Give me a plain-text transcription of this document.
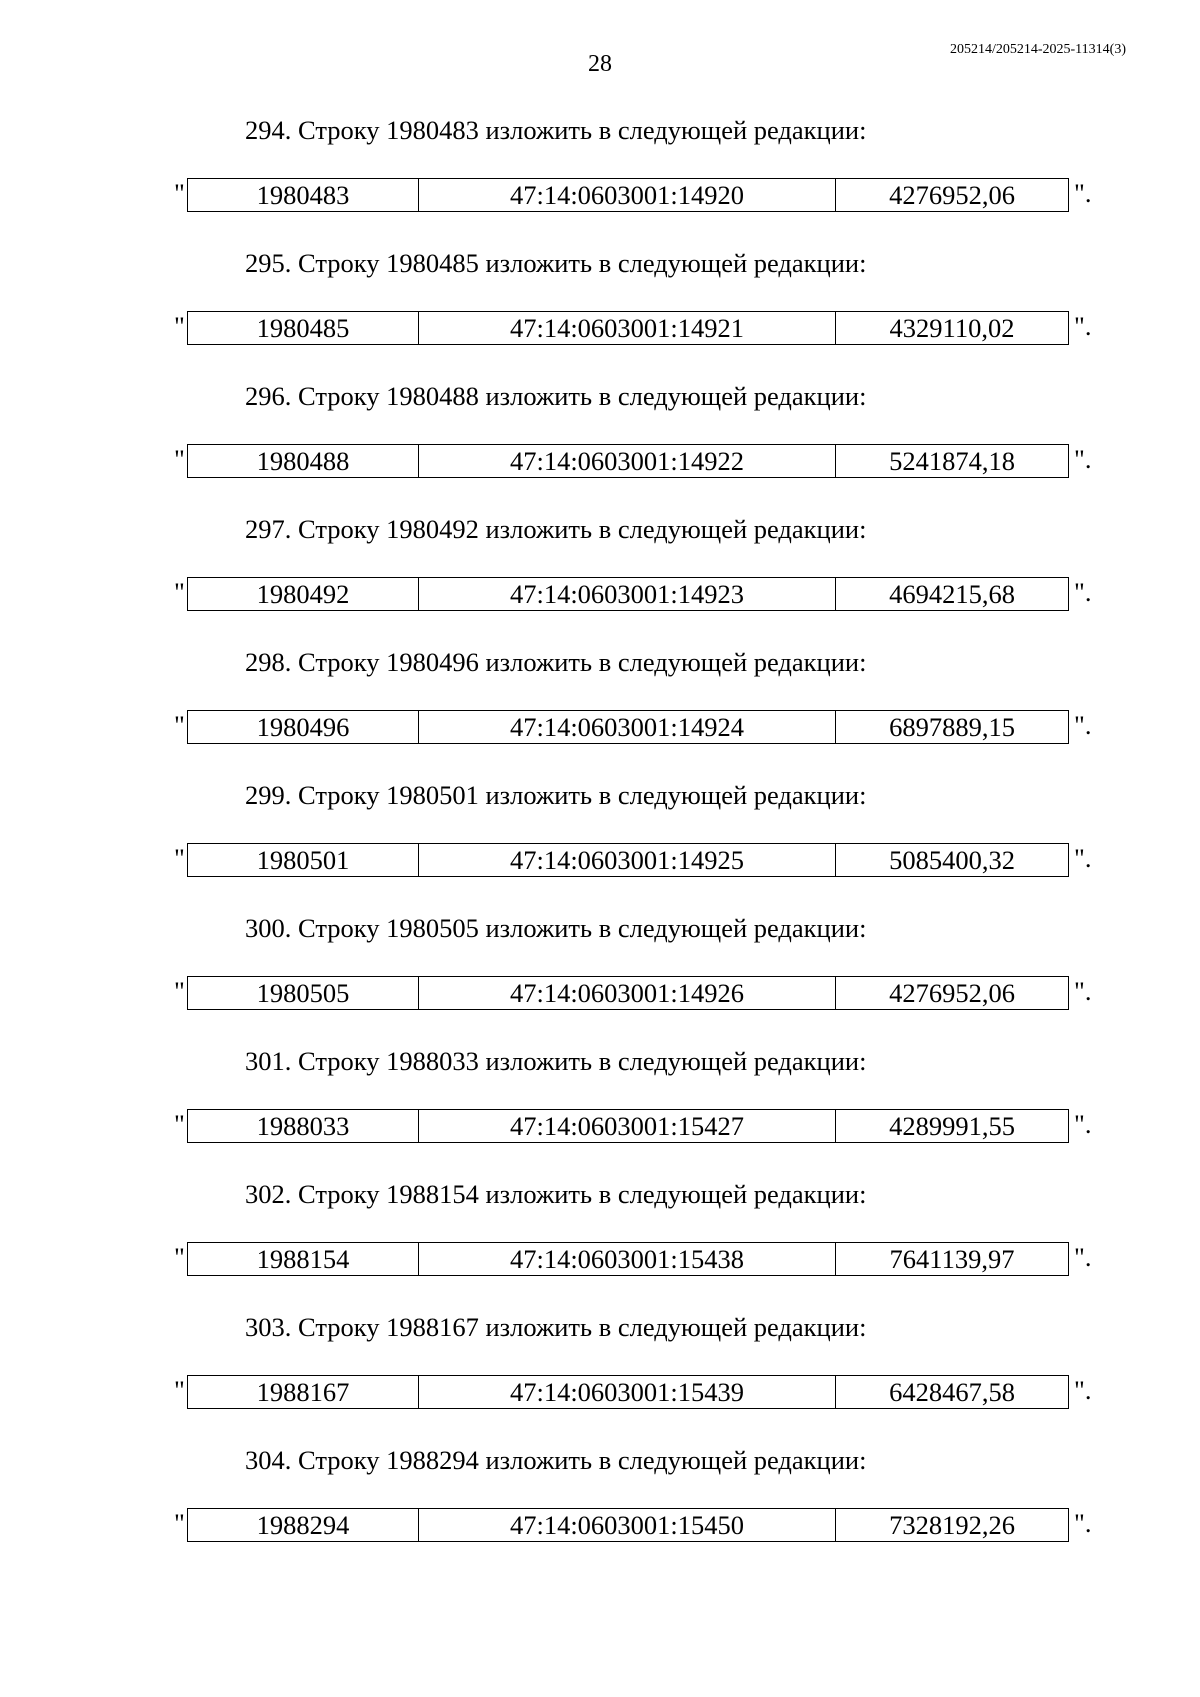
28
205214/205214-2025-11314(3)
294. Строку 1980483 изложить в следующей редакции:
"	1980483	47:14:0603001:14920	4276952,06 ".
295. Строку 1980485 изложить в следующей редакции:
"	1980485	47:14:0603001:14921	4329110,02 ".
296. Строку 1980488 изложить в следующей редакции:
"	1980488	47:14:0603001:14922	5241874,18 ".
297. Строку 1980492 изложить в следующей редакции:
"	1980492	47:14:0603001:14923	4694215,68 ".
298. Строку 1980496 изложить в следующей редакции:
"	1980496	47:14:0603001:14924	6897889,15 ".
299. Строку 1980501 изложить в следующей редакции:
"	1980501	47:14:0603001:14925	5085400,32 ".
300. Строку 1980505 изложить в следующей редакции:
"	1980505	47:14:0603001:14926	4276952,06 ".
301. Строку 1988033 изложить в следующей редакции:
"	1988033	47:14:0603001:15427	4289991,55 ".
302. Строку 1988154 изложить в следующей редакции:
"	1988154	47:14:0603001:15438	7641139,97 ".
303. Строку 1988167 изложить в следующей редакции:
"	1988167	47:14:0603001:15439	6428467,58 ".
304. Строку 1988294 изложить в следующей редакции:
"	1988294	47:14:0603001:15450	7328192,26 ".
